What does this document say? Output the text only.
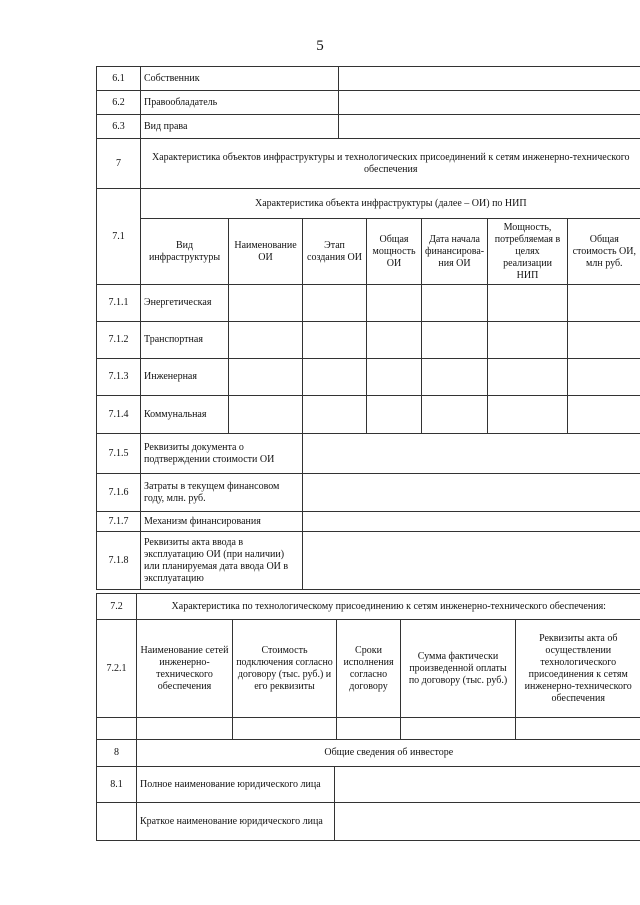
5
6.1	Собственник	
6.2	Правообладатель	
6.3	Вид права	
7	Характеристика объектов инфраструктуры и технологических присоединений к сетям инженерно-технического обеспечения
7.1	Характеристика объекта инфраструктуры (далее – ОИ) по НИП						
	Вид инфраструктуры	Наименование ОИ	Этап создания ОИ	Общая мощность ОИ	Дата начала финансирова-ния ОИ	Мощность, потребляемая в целях реализации НИП	Общая стоимость ОИ, млн руб.
7.1.1	Энергетическая						
7.1.2	Транспортная						
7.1.3	Инженерная						
7.1.4	Коммунальная						
7.1.5	Реквизиты документа о подтверждении стоимости ОИ	
7.1.6	Затраты в текущем финансовом году, млн. руб.	
7.1.7	Механизм финансирования	
7.1.8	Реквизиты акта ввода в эксплуатацию ОИ (при наличии) или планируемая дата ввода ОИ в эксплуатацию	
7.2	Характеристика по технологическому присоединению к сетям инженерно-технического обеспечения:				
7.2.1	Наименование сетей инженерно-технического обеспечения	Стоимость подключения согласно договору (тыс. руб.) и его реквизиты	Сроки исполнения согласно договору	Сумма фактически произведенной оплаты по договору (тыс. руб.)	Реквизиты акта об осуществлении технологического присоединения к сетям инженерно-технического обеспечения

8	Общие сведения об инвесторе	
8.1	Полное наименование юридического лица	
	Краткое наименование юридического лица	
